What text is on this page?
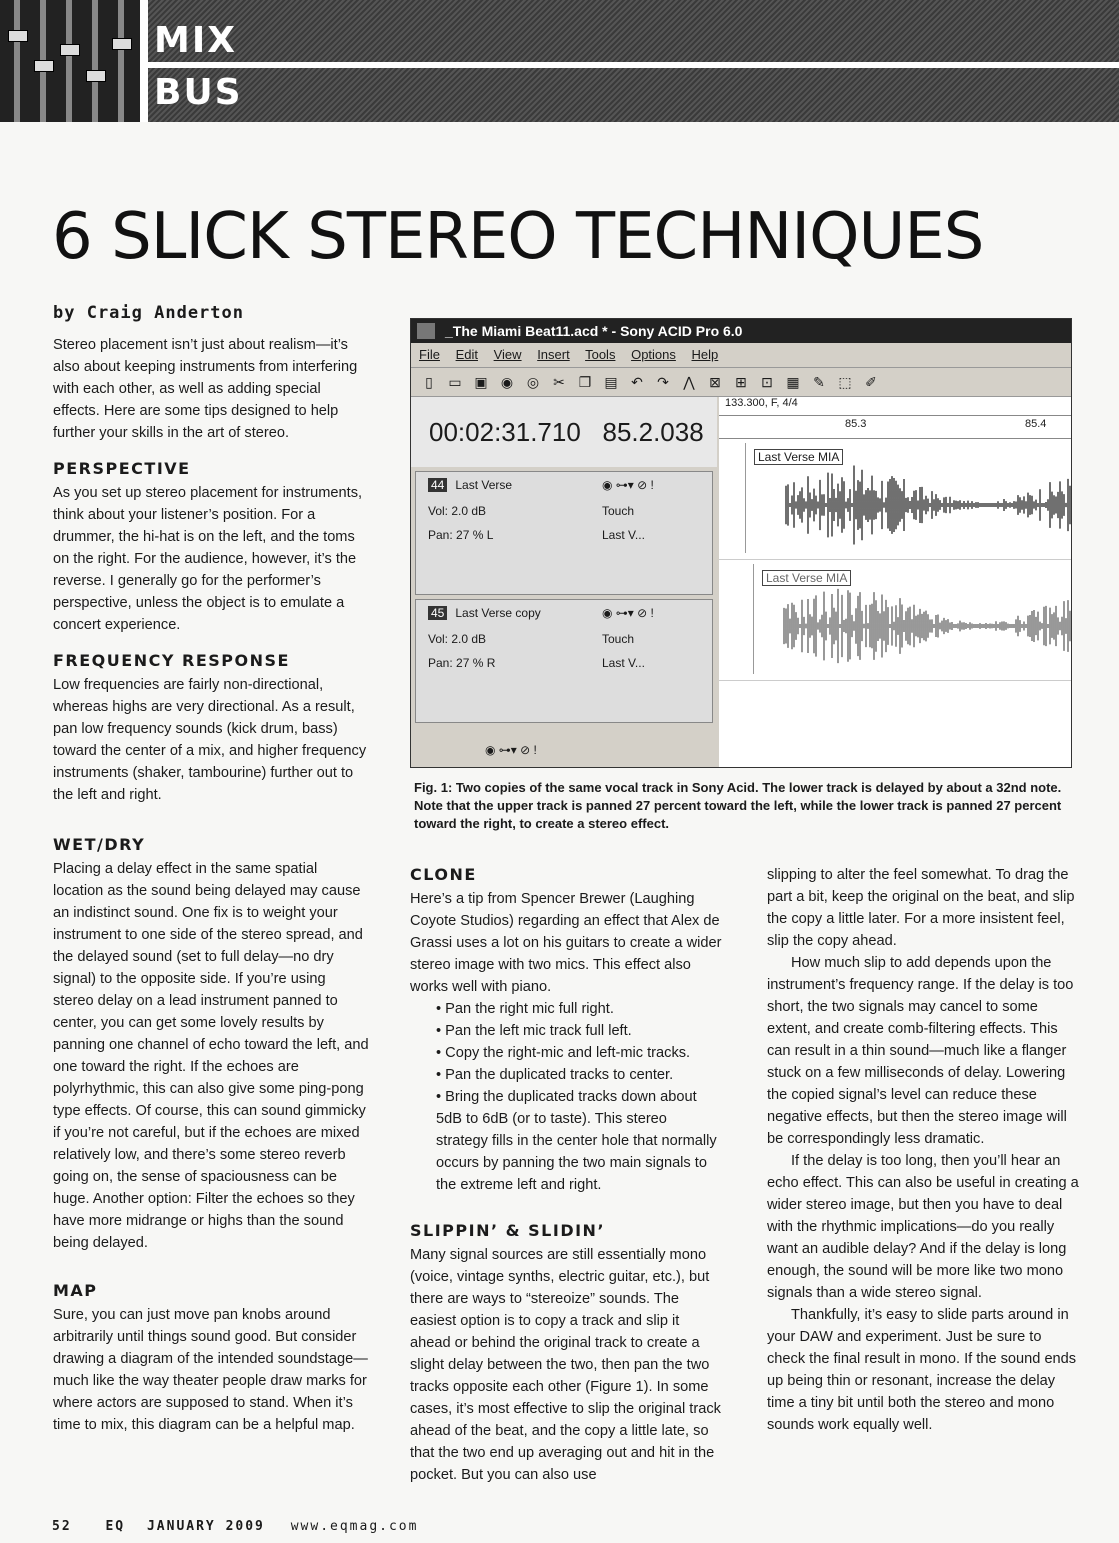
MIX
BUS
6 SLICK STEREO TECHNIQUES
by Craig Anderton

Stereo placement isn’t just about realism—it’s also about keeping instruments from interfering with each other, as well as adding special effects. Here are some tips designed to help further your skills in the art of stereo.

PERSPECTIVE

As you set up stereo placement for instruments, think about your listener’s position. For a drummer, the hi-hat is on the left, and the toms on the right. For the audience, however, it’s the reverse. I generally go for the performer’s perspective, unless the object is to emulate a concert experience.

FREQUENCY RESPONSE

Low frequencies are fairly non-directional, whereas highs are very directional. As a result, pan low frequency sounds (kick drum, bass) toward the center of a mix, and higher frequency instruments (shaker, tambourine) further out to the left and right.

WET/DRY

Placing a delay effect in the same spatial location as the sound being delayed may cause an indistinct sound. One fix is to weight your instrument to one side of the stereo spread, and the delayed sound (set to full delay—no dry signal) to the opposite side. If you’re using stereo delay on a lead instrument panned to center, you can get some lovely results by panning one channel of echo toward the left, and one toward the right. If the echoes are polyrhythmic, this can also give some ping-pong type effects. Of course, this can sound gimmicky if you’re not careful, but if the echoes are mixed relatively low, and there’s some stereo reverb going on, the sense of spaciousness can be huge. Another option: Filter the echoes so they have more midrange or highs than the sound being delayed.

MAP

Sure, you can just move pan knobs around arbitrarily until things sound good. But consider drawing a diagram of the intended soundstage—much like the way theater people draw marks for where actors are supposed to stand. When it’s time to mix, this diagram can be a helpful map.

_The Miami Beat11.acd * - Sony ACID Pro 6.0
File Edit View Insert Tools Options Help
▯	▭ ▣ ◉ ◎ ✂ ❐ ▤ ↶ ↷	⋀	⊠ ⊞ ⊡ ▦ ✎ ⬚ ✐
00:02:31.710 85.2.038
44 Last Verse
Vol: 2.0 dB
Pan: 27 % L
◉ ⊶▾ ⊘ !
Touch
Last V...
45 Last Verse copy
Vol: 2.0 dB
Pan: 27 % R
◉ ⊶▾ ⊘ !
Touch
Last V...
◉ ⊶▾ ⊘ !
133.300, F, 4/4
85.3	85.4
Last Verse MIA
Last Verse MIA
Fig. 1: Two copies of the same vocal track in Sony Acid. The lower track is delayed by about a 32nd note. Note that the upper track is panned 27 percent toward the left, while the lower track is panned 27 percent toward the right, to create a stereo effect.
CLONE

Here’s a tip from Spencer Brewer (Laughing Coyote Studios) regarding an effect that Alex de Grassi uses a lot on his guitars to create a wider stereo image with two mics. This effect also works well with piano.

• Pan the right mic full right.
• Pan the left mic track full left.
• Copy the right-mic and left-mic tracks.
• Pan the duplicated tracks to center.
• Bring the duplicated tracks down about 5dB to 6dB (or to taste). This stereo strategy fills in the center hole that normally occurs by panning the two main signals to the extreme left and right.
SLIPPIN’ & SLIDIN’

Many signal sources are still essentially mono (voice, vintage synths, electric guitar, etc.), but there are ways to “stereoize” sounds. The easiest option is to copy a track and slip it ahead or behind the original track to create a slight delay between the two, then pan the two tracks opposite each other (Figure 1). In some cases, it’s most effective to slip the original track ahead of the beat, and the copy a little late, so that the two end up averaging out and hit in the pocket. But you can also use

slipping to alter the feel somewhat. To drag the part a bit, keep the original on the beat, and slip the copy a little later. For a more insistent feel, slip the copy ahead.

How much slip to add depends upon the instrument’s frequency range. If the delay is too short, the two signals may cancel to some extent, and create comb-filtering effects. This can result in a thin sound—much like a flanger stuck on a few milliseconds of delay. Lowering the copied signal’s level can reduce these negative effects, but then the stereo image will be correspondingly less dramatic.

If the delay is too long, then you’ll hear an echo effect. This can also be useful in creating a wider stereo image, but then you have to deal with the rhythmic implications—do you really want an audible delay? And if the delay is long enough, the sound will be more like two mono signals than a wide stereo signal.

Thankfully, it’s easy to slide parts around in your DAW and experiment. Just be sure to check the final result in mono. If the sound ends up being thin or resonant, increase the delay time a tiny bit until both the stereo and mono sounds work equally well.

52	EQ JANUARY 2009 www.eqmag.com
